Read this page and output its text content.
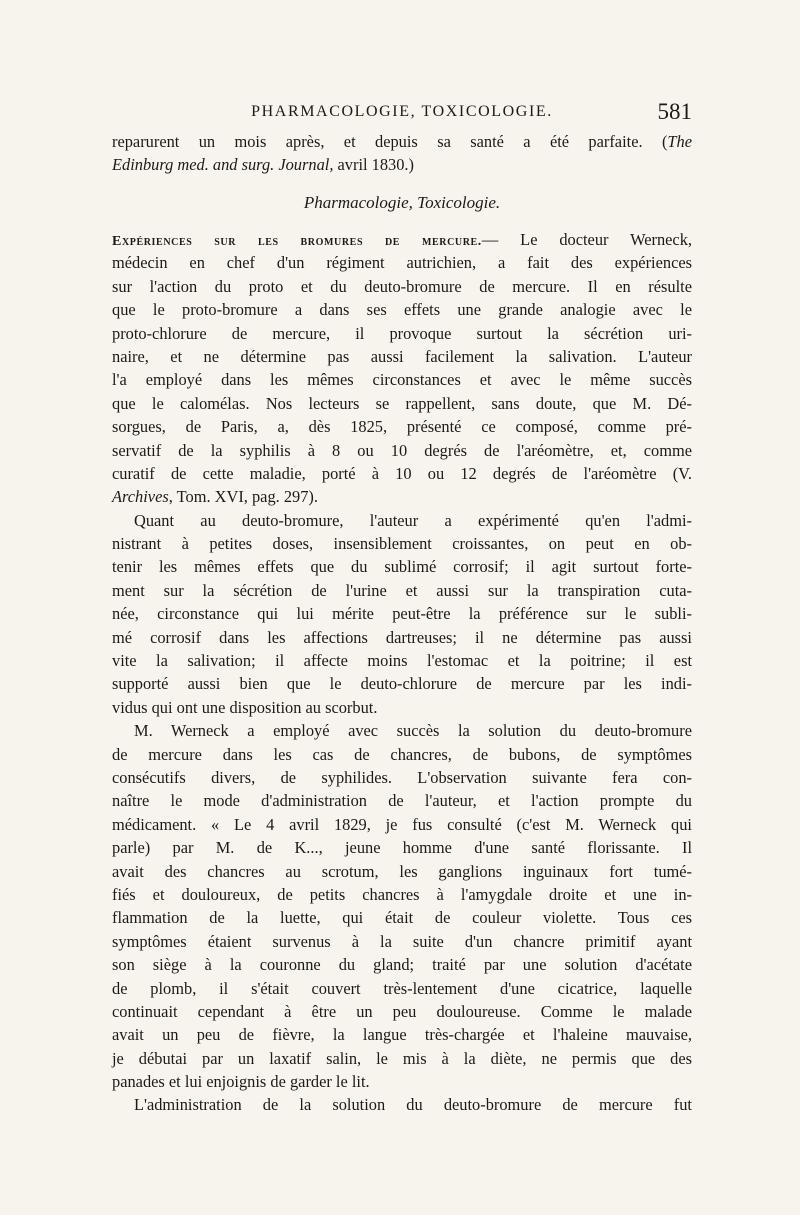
PHARMACOLOGIE, TOXICOLOGIE.	581
reparurent un mois après, et depuis sa santé a été parfaite. (The
Edinburg med. and surg. Journal, avril 1830.)
Pharmacologie, Toxicologie.
Expériences sur les bromures de mercure.— Le docteur Werneck,
médecin en chef d'un régiment autrichien, a fait des expériences
sur l'action du proto et du deuto-bromure de mercure. Il en résulte
que le proto-bromure a dans ses effets une grande analogie avec le
proto-chlorure de mercure, il provoque surtout la sécrétion uri-
naire, et ne détermine pas aussi facilement la salivation. L'auteur
l'a employé dans les mêmes circonstances et avec le même succès
que le calomélas. Nos lecteurs se rappellent, sans doute, que M. Dé-
sorgues, de Paris, a, dès 1825, présenté ce composé, comme pré-
servatif de la syphilis à 8 ou 10 degrés de l'aréomètre, et, comme
curatif de cette maladie, porté à 10 ou 12 degrés de l'aréomètre (V.
Archives, Tom. XVI, pag. 297).
Quant au deuto-bromure, l'auteur a expérimenté qu'en l'admi-
nistrant à petites doses, insensiblement croissantes, on peut en ob-
tenir les mêmes effets que du sublimé corrosif; il agit surtout forte-
ment sur la sécrétion de l'urine et aussi sur la transpiration cuta-
née, circonstance qui lui mérite peut-être la préférence sur le subli-
mé corrosif dans les affections dartreuses; il ne détermine pas aussi
vite la salivation; il affecte moins l'estomac et la poitrine; il est
supporté aussi bien que le deuto-chlorure de mercure par les indi-
vidus qui ont une disposition au scorbut.
M. Werneck a employé avec succès la solution du deuto-bromure
de mercure dans les cas de chancres, de bubons, de symptômes
consécutifs divers, de syphilides. L'observation suivante fera con-
naître le mode d'administration de l'auteur, et l'action prompte du
médicament. « Le 4 avril 1829, je fus consulté (c'est M. Werneck qui
parle) par M. de K..., jeune homme d'une santé florissante. Il
avait des chancres au scrotum, les ganglions inguinaux fort tumé-
fiés et douloureux, de petits chancres à l'amygdale droite et une in-
flammation de la luette, qui était de couleur violette. Tous ces
symptômes étaient survenus à la suite d'un chancre primitif ayant
son siège à la couronne du gland; traité par une solution d'acétate
de plomb, il s'était couvert très-lentement d'une cicatrice, laquelle
continuait cependant à être un peu douloureuse. Comme le malade
avait un peu de fièvre, la langue très-chargée et l'haleine mauvaise,
je débutai par un laxatif salin, le mis à la diète, ne permis que des
panades et lui enjoignis de garder le lit.
L'administration de la solution du deuto-bromure de mercure fut
